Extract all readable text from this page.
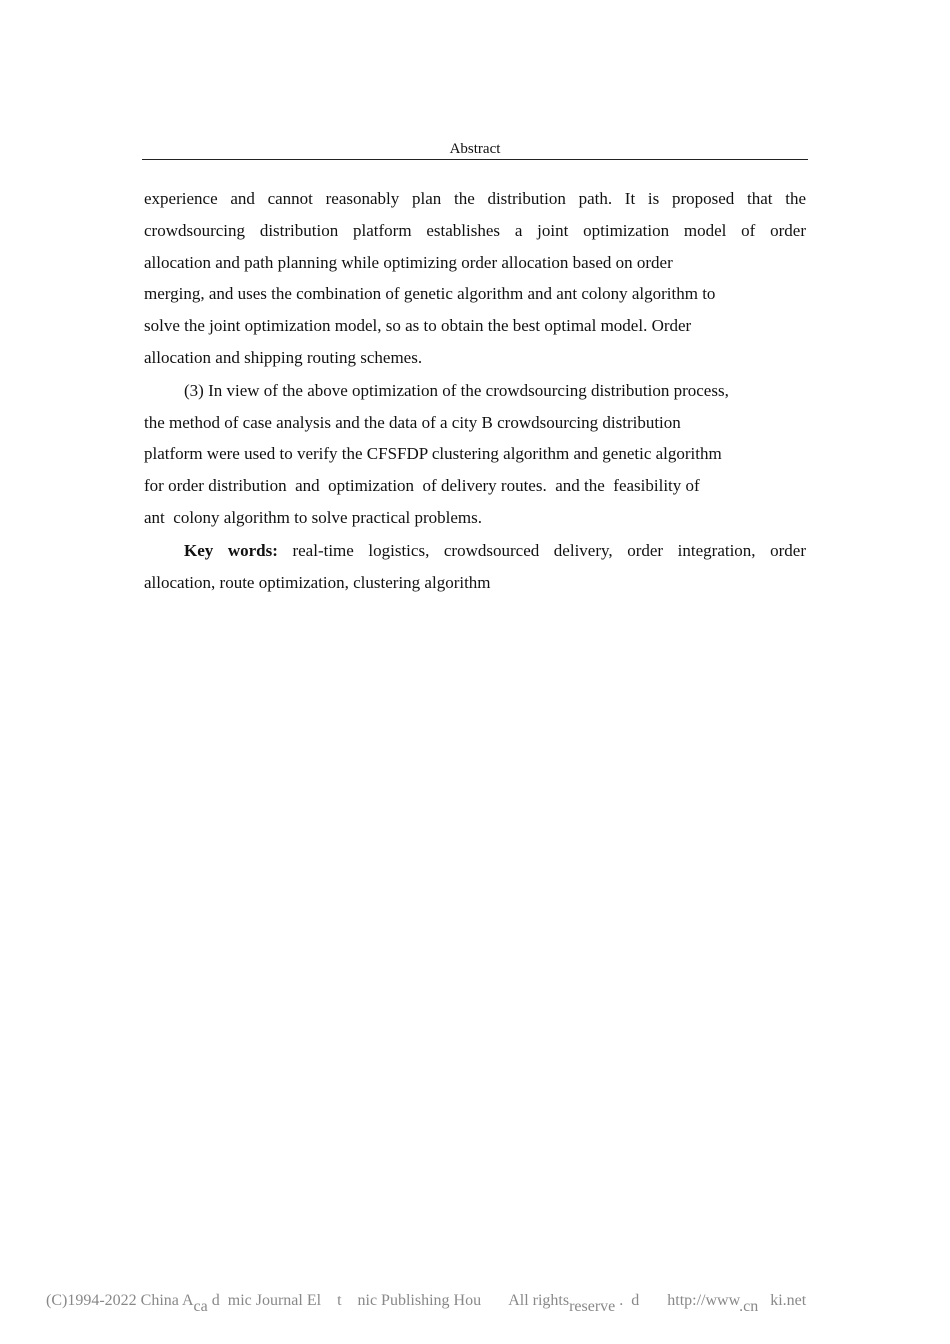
Abstract
experience and cannot reasonably plan the distribution path. It is proposed that the
crowdsourcing distribution platform establishes a joint optimization model of order
allocation and path planning while optimizing order allocation based on order
merging, and uses the combination of genetic algorithm and ant colony algorithm to
solve the joint optimization model, so as to obtain the best optimal model. Order
allocation and shipping routing schemes.
(3) In view of the above optimization of the crowdsourcing distribution process,
the method of case analysis and the data of a city B crowdsourcing distribution
platform were used to verify the CFSFDP clustering algorithm and genetic algorithm
for order distribution  and  optimization  of delivery routes.  and the  feasibility of
ant  colony algorithm to solve practical problems.
Key words: real-time logistics, crowdsourced delivery, order integration, order
allocation, route optimization, clustering algorithm
(C)1994-2022 China Aca d  mic Journal El    t    nic Publishing Hou       All rightsreserve .  d       http://www.cn   ki.net
